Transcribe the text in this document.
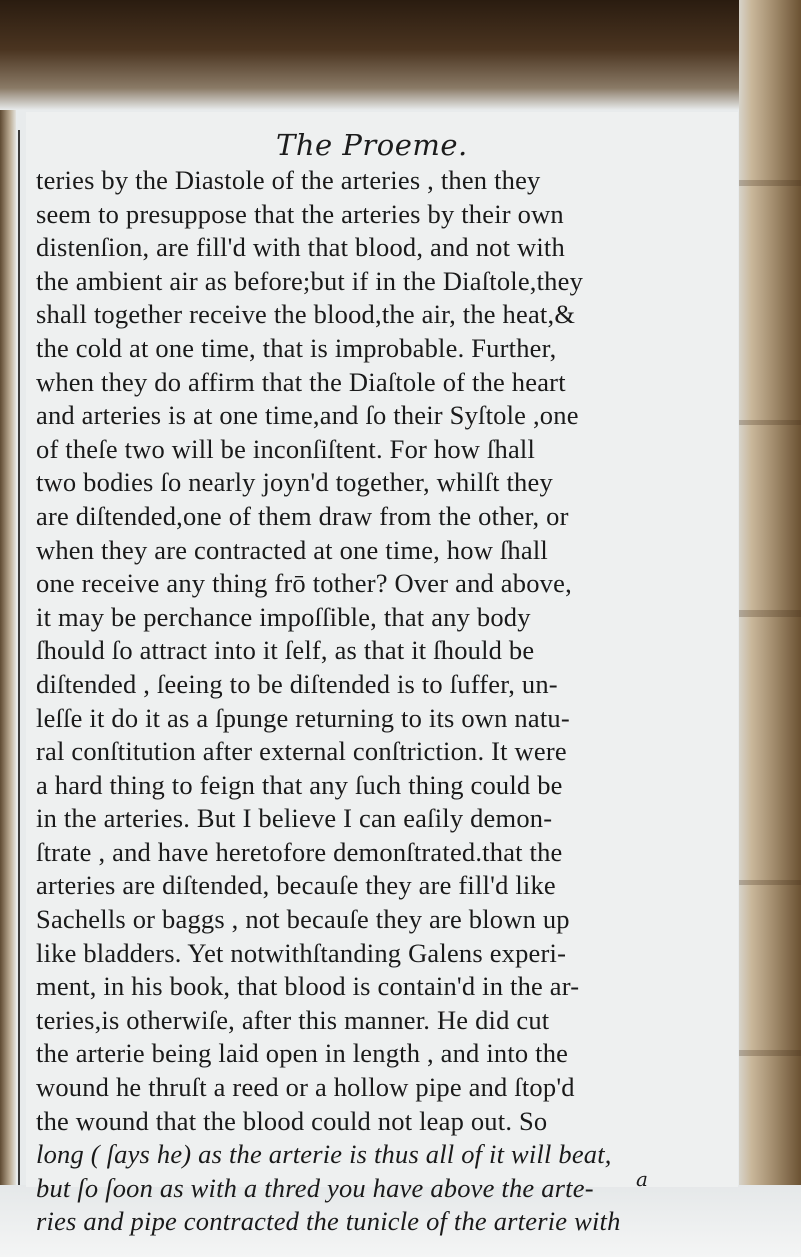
The Proeme.
teries by the Diastole of the arteries , then they
seem to presuppose that the arteries by their own
distenſion, are fill'd with that blood, and not with
the ambient air as before;but if in the Diaſtole,they
shall together receive the blood,the air, the heat,&
the cold at one time, that is improbable. Further,
when they do affirm that the Diaſtole of the heart
and arteries is at one time,and ſo their Syſtole ,one
of theſe two will be inconſiſtent. For how ſhall
two bodies ſo nearly joyn'd together, whilſt they
are diſtended,one of them draw from the other, or
when they are contracted at one time, how ſhall
one receive any thing frō tother? Over and above,
it may be perchance impoſſible, that any body
ſhould ſo attract into it ſelf, as that it ſhould be
diſtended , ſeeing to be diſtended is to ſuffer, un-
leſſe it do it as a ſpunge returning to its own natu-
ral conſtitution after external conſtriction. It were
a hard thing to feign that any ſuch thing could be
in the arteries. But I believe I can eaſily demon-
ſtrate , and have heretofore demonſtrated.that the
arteries are diſtended, becauſe they are fill'd like
Sachells or baggs , not becauſe they are blown up
like bladders. Yet notwithſtanding Galens experi-
ment, in his book, that blood is contain'd in the ar-
teries,is otherwiſe, after this manner. He did cut
the arterie being laid open in length , and into the
wound he thruſt a reed or a hollow pipe and ſtop'd
the wound that the blood could not leap out. So
long ( ſays he) as the arterie is thus all of it will beat,
but ſo ſoon as with a thred you have above the arte-
ries and pipe contracted the tunicle of the arterie with
a
